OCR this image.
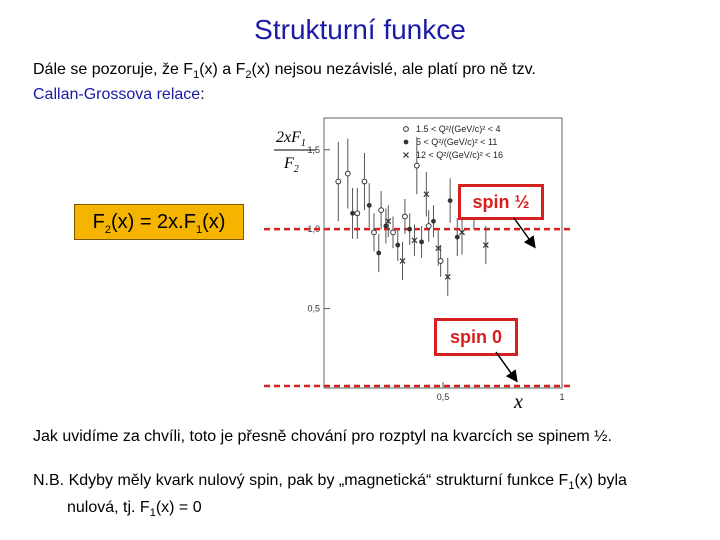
Strukturní funkce
Dále se pozoruje, že $F_1(x)$ a $F_2(x)$ nejsou nezávislé, ale platí pro ně tzv.
Callan-Grossova relace:
0,5
1,0
1,5
0,5	1
1.5 < Q²/(GeV/c)² < 4
5 < Q²/(GeV/c)² < 11
12 < Q²/(GeV/c)² < 16
$2xF_1$
$F_2$
x
$F_2(x) = 2x.F_1(x)$
spin ½
spin 0
Jak uvidíme za chvíli, toto je přesně chování pro rozptyl na kvarcích se spinem ½.
N.B. Kdyby měly kvark nulový spin, pak by „magnetická“ strukturní funkce $F_1(x)$ byla
nulová, tj. $F_1(x) = 0$
